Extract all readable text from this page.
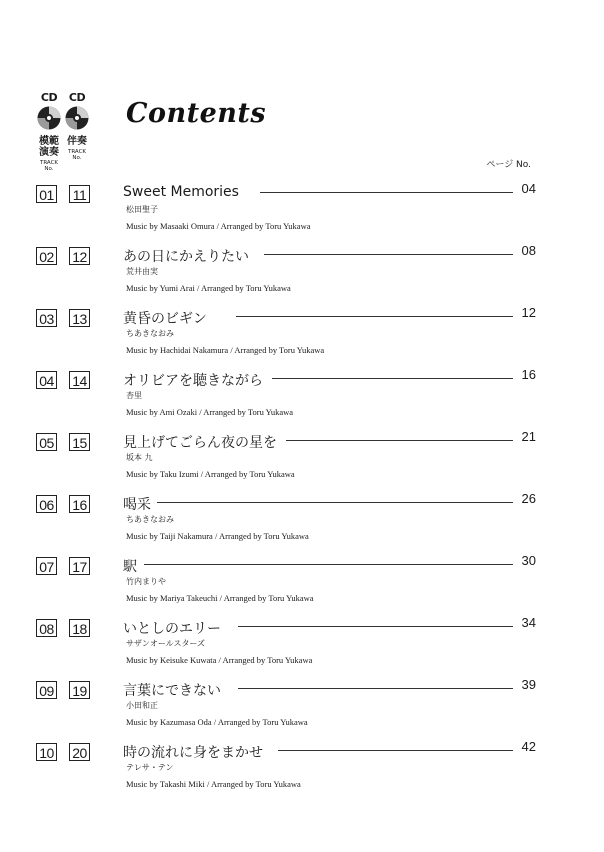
CD
模範
演奏
TRACK
No.
CD
伴奏
TRACK
No.
Contents
ページ No.
01 11	Sweet Memories	04
松田聖子
Music by Masaaki Omura / Arranged by Toru Yukawa
02 12	あの日にかえりたい	08
荒井由実
Music by Yumi Arai / Arranged by Toru Yukawa
03 13	黄昏のビギン	12
ちあきなおみ
Music by Hachidai Nakamura / Arranged by Toru Yukawa
04 14	オリビアを聴きながら	16
杏里
Music by Ami Ozaki / Arranged by Toru Yukawa
05 15	見上げてごらん夜の星を	21
坂本 九
Music by Taku Izumi / Arranged by Toru Yukawa
06 16	喝采	26
ちあきなおみ
Music by Taiji Nakamura / Arranged by Toru Yukawa
07 17	駅	30
竹内まりや
Music by Mariya Takeuchi / Arranged by Toru Yukawa
08 18	いとしのエリー	34
サザンオールスターズ
Music by Keisuke Kuwata / Arranged by Toru Yukawa
09 19	言葉にできない	39
小田和正
Music by Kazumasa Oda / Arranged by Toru Yukawa
10 20	時の流れに身をまかせ	42
テレサ・テン
Music by Takashi Miki / Arranged by Toru Yukawa
